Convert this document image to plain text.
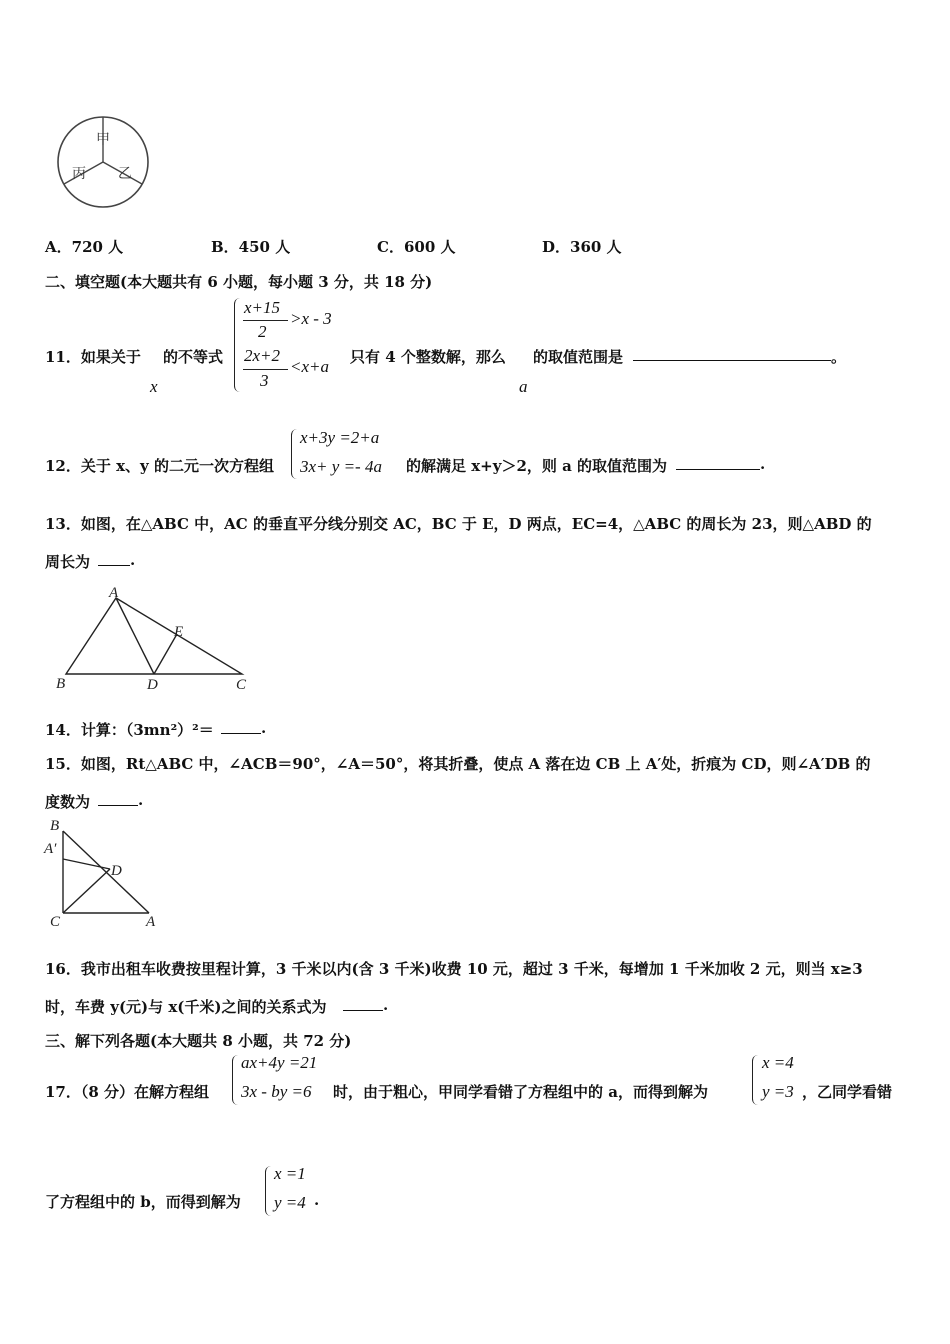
甲
乙
丙
A．720 人	B．450 人	C．600 人	D．360 人
二、填空题(本大题共有 6 小题，每小题 3 分，共 18 分)
11．如果关于 的不等式
x
x+15
2
>x - 3
2x+2
3
<x+a 只有 4 个整数解，那么
a
的取值范围是	。
12．关于 x、y 的二元一次方程组
x+3y =2+a
3x+ y =- 4a 的解满足 x+y＞2，则 a 的取值范围为	.
13．如图，在△ABC 中，AC 的垂直平分线分别交 AC，BC 于 E，D 两点，EC=4，△ABC 的周长为 23，则△ABD 的
周长为	.
A
E
B	D	C
14．计算：（3mn²）²＝	.
15．如图，Rt△ABC 中，∠ACB＝90°，∠A＝50°，将其折叠，使点 A 落在边 CB 上 A′处，折痕为 CD，则∠A′DB 的
度数为	.
B
A′
D
C	A
16．我市出租车收费按里程计算，3 千米以内(含 3 千米)收费 10 元，超过 3 千米，每增加 1 千米加收 2 元，则当 x≥3
时，车费 y(元)与 x(千米)之间的关系式为	.
三、解下列各题(本大题共 8 小题，共 72 分)
17．（8 分）在解方程组
ax+4y =21
3x - by =6 时，由于粗心，甲同学看错了方程组中的 a，而得到解为
x =4
y =3 ，乙同学看错
了方程组中的 b，而得到解为
x =1
y =4 .
